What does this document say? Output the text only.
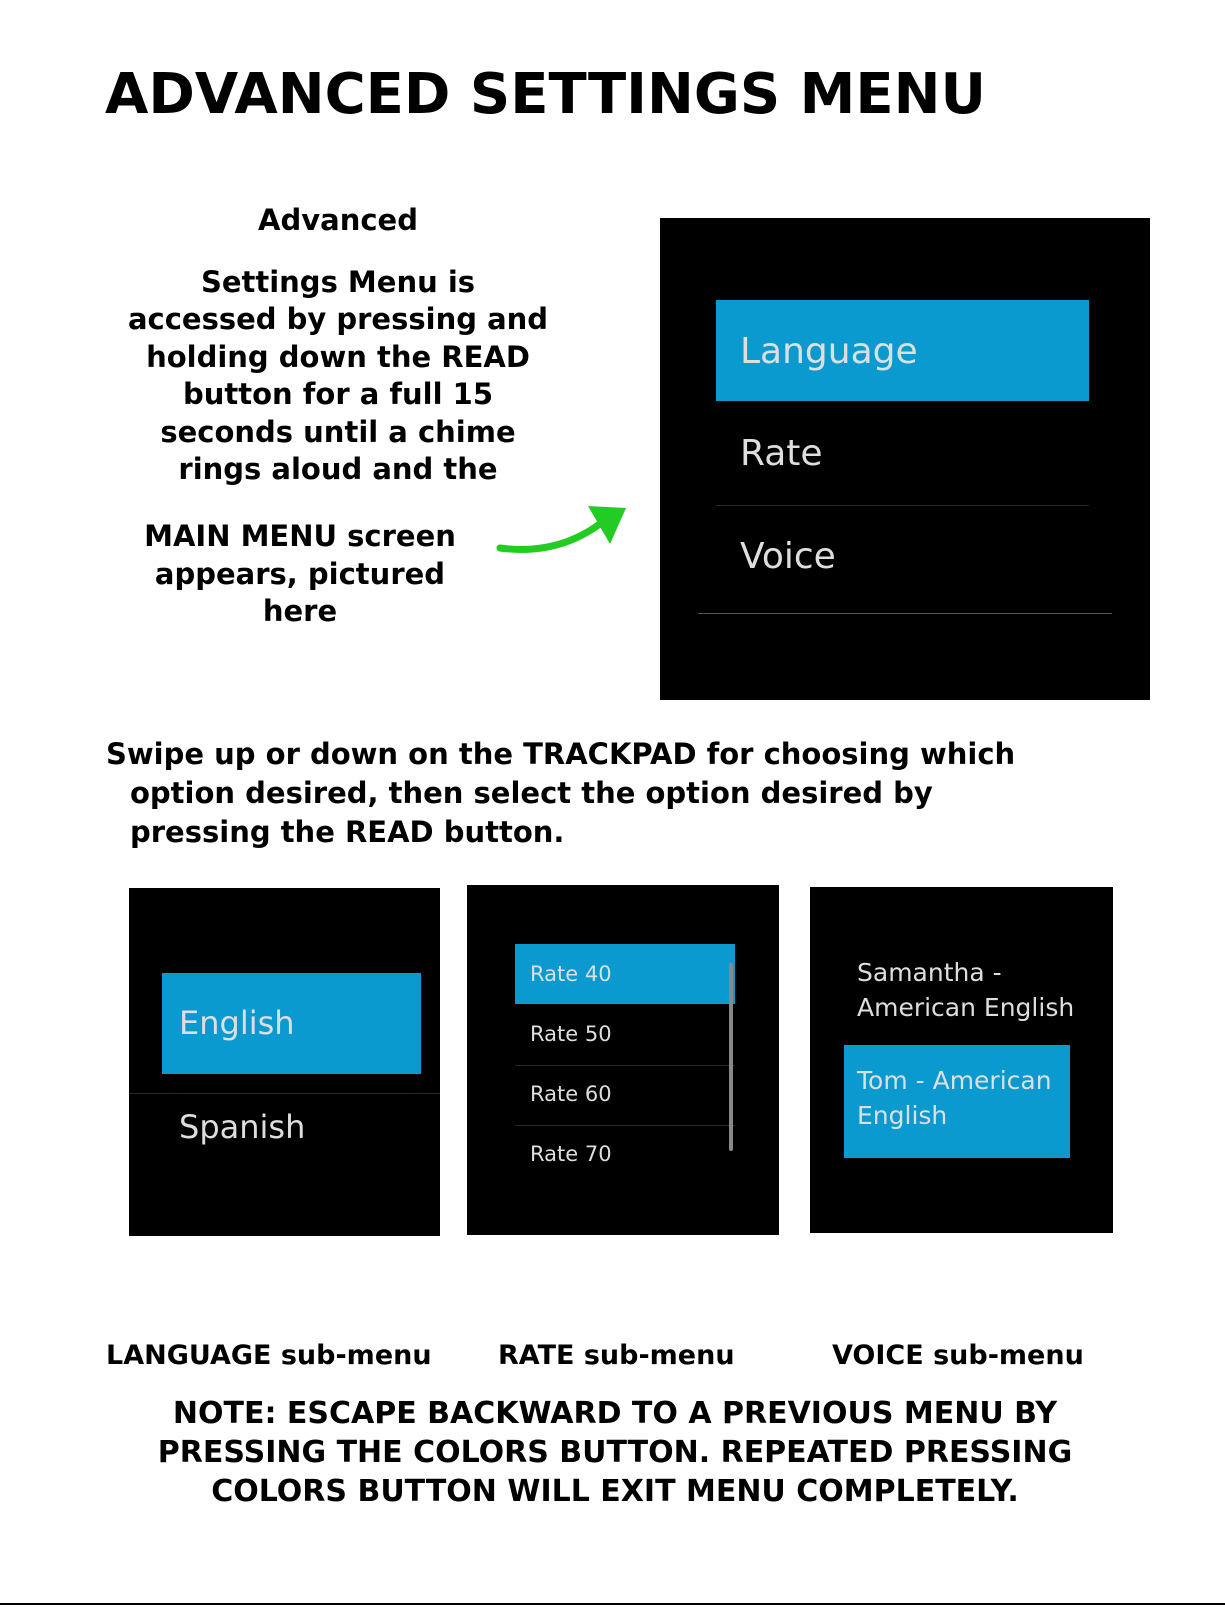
ADVANCED SETTINGS MENU

Advanced

Settings Menu is

accessed by pressing and

holding down the READ

button for a full 15

seconds until a chime

rings aloud and the

MAIN MENU screen

appears, pictured

here

Language
Rate
Voice
Swipe up or down on the TRACKPAD for choosing which
option desired, then select the option desired by
pressing the READ button.
English
Spanish
Rate 40
Rate 50
Rate 60
Rate 70
Samantha -
American English
Tom - American
English
LANGUAGE sub-menu RATE sub-menu	VOICE sub-menu
NOTE: ESCAPE BACKWARD TO A PREVIOUS MENU BY
PRESSING THE COLORS BUTTON. REPEATED PRESSING
COLORS BUTTON WILL EXIT MENU COMPLETELY.
